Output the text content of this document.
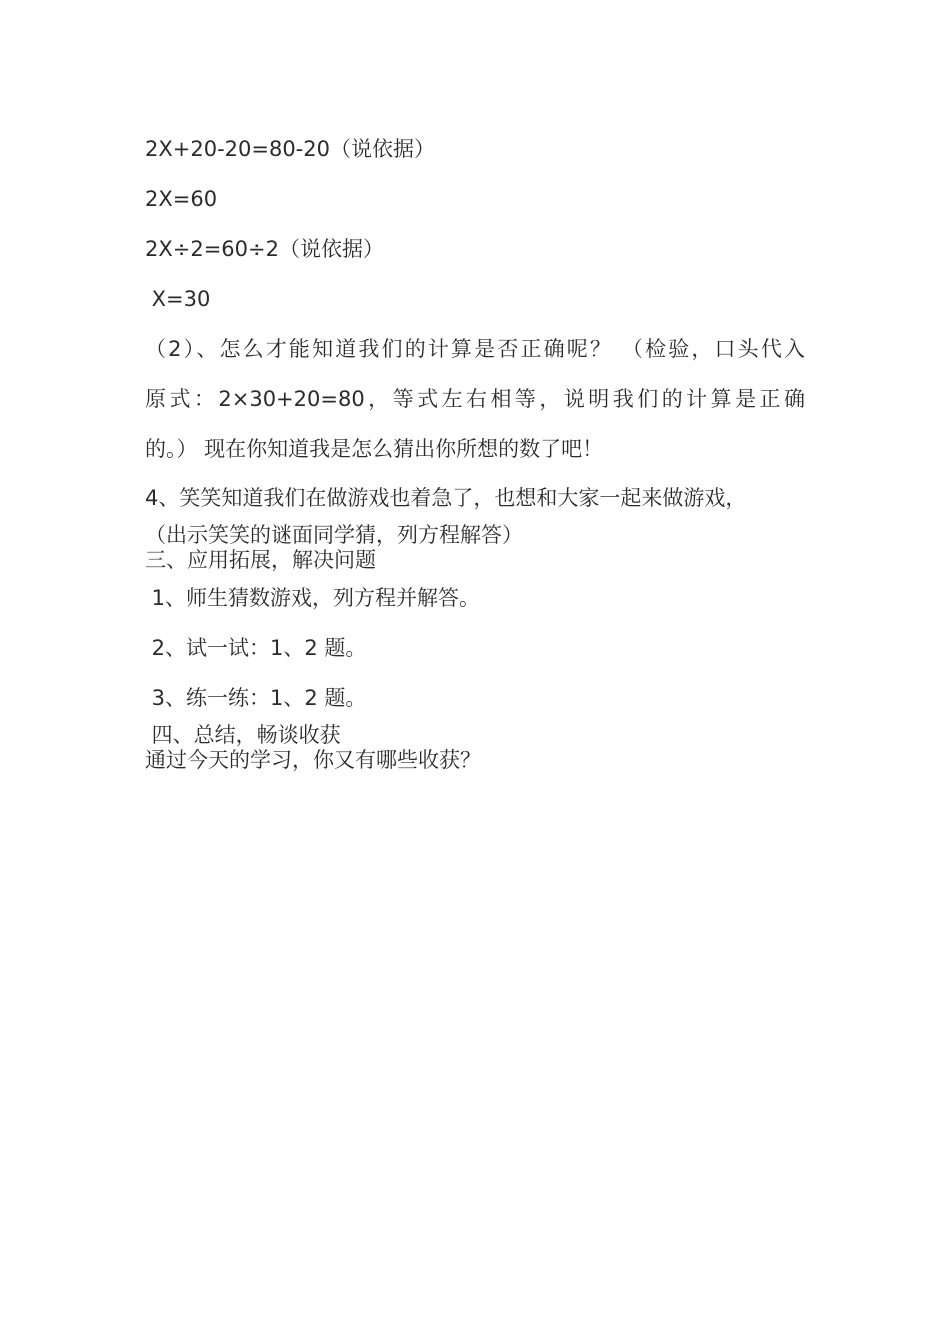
2X+20-20=80-20（说依据）
2X=60
2X÷2=60÷2（说依据）
X=30
（2）、怎么才能知道我们的计算是否正确呢？ （检验，口头代入
原式：2×30+20=80，等式左右相等，说明我们的计算是正确
的。） 现在你知道我是怎么猜出你所想的数了吧！
4、笑笑知道我们在做游戏也着急了，也想和大家一起来做游戏，
（出示笑笑的谜面同学猜，列方程解答）
三、应用拓展，解决问题
1、师生猜数游戏，列方程并解答。
2、试一试：1、2 题。
3、练一练：1、2 题。
四、总结，畅谈收获
通过今天的学习，你又有哪些收获？
